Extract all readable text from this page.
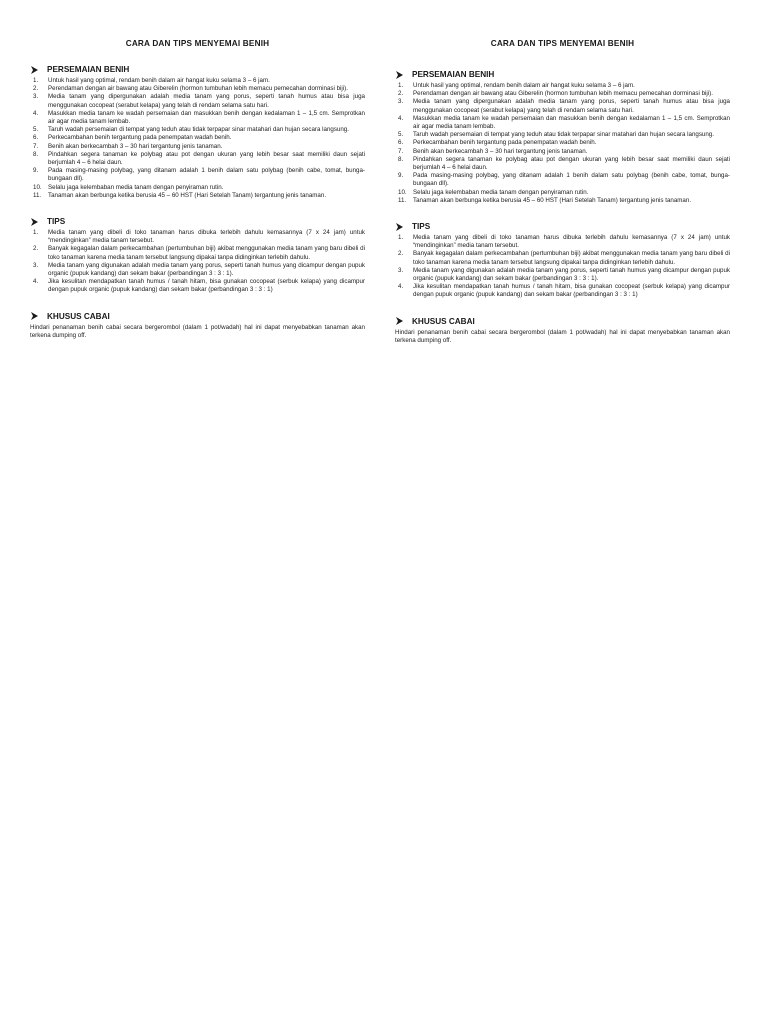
CARA DAN TIPS MENYEMAI BENIH
PERSEMAIAN BENIH
1.	Untuk hasil yang optimal, rendam benih dalam air hangat kuku selama 3 – 6 jam.
2.	Perendaman dengan air bawang atau Giberelin (hormon tumbuhan lebih memacu pemecahan dorminasi biji).
3.	Media tanam yang dipergunakan adalah media tanam yang porus, seperti tanah humus atau bisa juga menggunakan cocopeat (serabut kelapa) yang telah di rendam selama satu hari.
4.	Masukkan media tanam ke wadah persemaian dan masukkan benih dengan kedalaman 1 – 1,5 cm. Semprotkan air agar media tanam lembab.
5.	Taruh wadah persemaian di tempat yang teduh atau tidak terpapar sinar matahari dan hujan secara langsung.
6.	Perkecambahan benih tergantung pada penempatan wadah benih.
7.	Benih akan berkecambah 3 – 30 hari tergantung jenis tanaman.
8.	Pindahkan segera tanaman ke polybag atau pot dengan ukuran yang lebih besar saat memiliki daun sejati berjumlah 4 – 6 helai daun.
9.	Pada masing-masing polybag, yang ditanam adalah 1 benih dalam satu polybag (benih cabe, tomat, bunga-bungaan dll).
10.	Selalu jaga kelembaban media tanam dengan penyiraman rutin.
11.	Tanaman akan berbunga ketika berusia 45 – 60 HST (Hari Setelah Tanam) tergantung jenis tanaman.
TIPS
1.	Media tanam yang dibeli di toko tanaman harus dibuka terlebih dahulu kemasannya (7 x 24 jam) untuk “mendinginkan” media tanam tersebut.
2.	Banyak kegagalan dalam perkecambahan (pertumbuhan biji) akibat menggunakan media tanam yang baru dibeli di toko tanaman karena media tanam tersebut langsung dipakai tanpa didinginkan terlebih dahulu.
3.	Media tanam yang digunakan adalah media tanam yang porus, seperti tanah humus yang dicampur dengan pupuk organic (pupuk kandang) dan sekam bakar (perbandingan 3 : 3 : 1).
4.	Jika kesulitan mendapatkan tanah humus / tanah hitam, bisa gunakan cocopeat (serbuk kelapa) yang dicampur dengan pupuk organic (pupuk kandang) dan sekam bakar (perbandingan 3 : 3 : 1)
KHUSUS CABAI

Hindari penanaman benih cabai secara bergerombol (dalam 1 pot/wadah) hal ini dapat menyebabkan tanaman akan terkena dumping off.

CARA DAN TIPS MENYEMAI BENIH
PERSEMAIAN BENIH
1.	Untuk hasil yang optimal, rendam benih dalam air hangat kuku selama 3 – 6 jam.
2.	Perendaman dengan air bawang atau Giberelin (hormon tumbuhan lebih memacu pemecahan dorminasi biji).
3.	Media tanam yang dipergunakan adalah media tanam yang porus, seperti tanah humus atau bisa juga menggunakan cocopeat (serabut kelapa) yang telah di rendam selama satu hari.
4.	Masukkan media tanam ke wadah persemaian dan masukkan benih dengan kedalaman 1 – 1,5 cm. Semprotkan air agar media tanam lembab.
5.	Taruh wadah persemaian di tempat yang teduh atau tidak terpapar sinar matahari dan hujan secara langsung.
6.	Perkecambahan benih tergantung pada penempatan wadah benih.
7.	Benih akan berkecambah 3 – 30 hari tergantung jenis tanaman.
8.	Pindahkan segera tanaman ke polybag atau pot dengan ukuran yang lebih besar saat memiliki daun sejati berjumlah 4 – 6 helai daun.
9.	Pada masing-masing polybag, yang ditanam adalah 1 benih dalam satu polybag (benih cabe, tomat, bunga-bungaan dll).
10.	Selalu jaga kelembaban media tanam dengan penyiraman rutin.
11.	Tanaman akan berbunga ketika berusia 45 – 60 HST (Hari Setelah Tanam) tergantung jenis tanaman.
TIPS
1.	Media tanam yang dibeli di toko tanaman harus dibuka terlebih dahulu kemasannya (7 x 24 jam) untuk “mendinginkan” media tanam tersebut.
2.	Banyak kegagalan dalam perkecambahan (pertumbuhan biji) akibat menggunakan media tanam yang baru dibeli di toko tanaman karena media tanam tersebut langsung dipakai tanpa didinginkan terlebih dahulu.
3.	Media tanam yang digunakan adalah media tanam yang porus, seperti tanah humus yang dicampur dengan pupuk organic (pupuk kandang) dan sekam bakar (perbandingan 3 : 3 : 1).
4.	Jika kesulitan mendapatkan tanah humus / tanah hitam, bisa gunakan cocopeat (serbuk kelapa) yang dicampur dengan pupuk organic (pupuk kandang) dan sekam bakar (perbandingan 3 : 3 : 1)
KHUSUS CABAI

Hindari penanaman benih cabai secara bergerombol (dalam 1 pot/wadah) hal ini dapat menyebabkan tanaman akan terkena dumping off.
